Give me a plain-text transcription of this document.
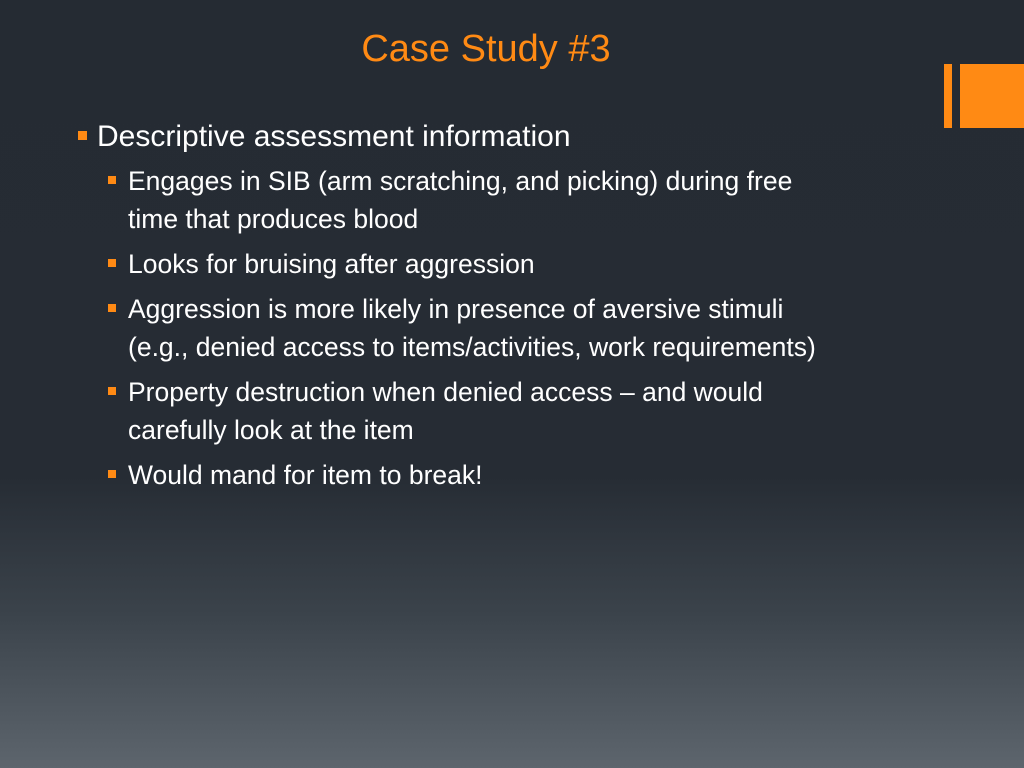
Case Study #3
Descriptive assessment information
Engages in SIB (arm scratching, and picking) during free
time that produces blood
Looks for bruising after aggression
Aggression is more likely in presence of aversive stimuli
(e.g., denied access to items/activities, work requirements)
Property destruction when denied access – and would
carefully look at the item
Would mand for item to break!
